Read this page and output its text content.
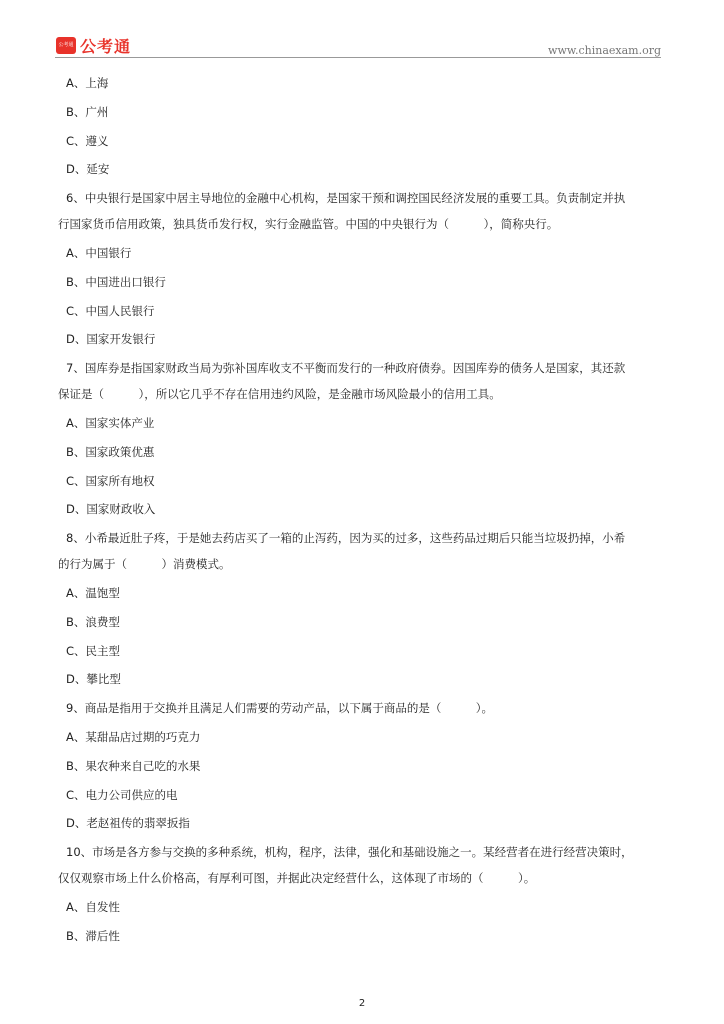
公考通 公考通	www.chinaexam.org
A、上海
B、广州
C、遵义
D、延安
6、中央银行是国家中居主导地位的金融中心机构，是国家干预和调控国民经济发展的重要工具。负责制定并执
行国家货币信用政策，独具货币发行权，实行金融监管。中国的中央银行为（　　　），简称央行。
A、中国银行
B、中国进出口银行
C、中国人民银行
D、国家开发银行
7、国库券是指国家财政当局为弥补国库收支不平衡而发行的一种政府债券。因国库券的债务人是国家，其还款
保证是（　　　），所以它几乎不存在信用违约风险，是金融市场风险最小的信用工具。
A、国家实体产业
B、国家政策优惠
C、国家所有地权
D、国家财政收入
8、小希最近肚子疼，于是她去药店买了一箱的止泻药，因为买的过多，这些药品过期后只能当垃圾扔掉，小希
的行为属于（　　　）消费模式。
A、温饱型
B、浪费型
C、民主型
D、攀比型
9、商品是指用于交换并且满足人们需要的劳动产品，以下属于商品的是（　　　）。
A、某甜品店过期的巧克力
B、果农种来自己吃的水果
C、电力公司供应的电
D、老赵祖传的翡翠扳指
10、市场是各方参与交换的多种系统，机构，程序，法律，强化和基础设施之一。某经营者在进行经营决策时，
仅仅观察市场上什么价格高，有厚利可图，并据此决定经营什么，这体现了市场的（　　　）。
A、自发性
B、滞后性
2
